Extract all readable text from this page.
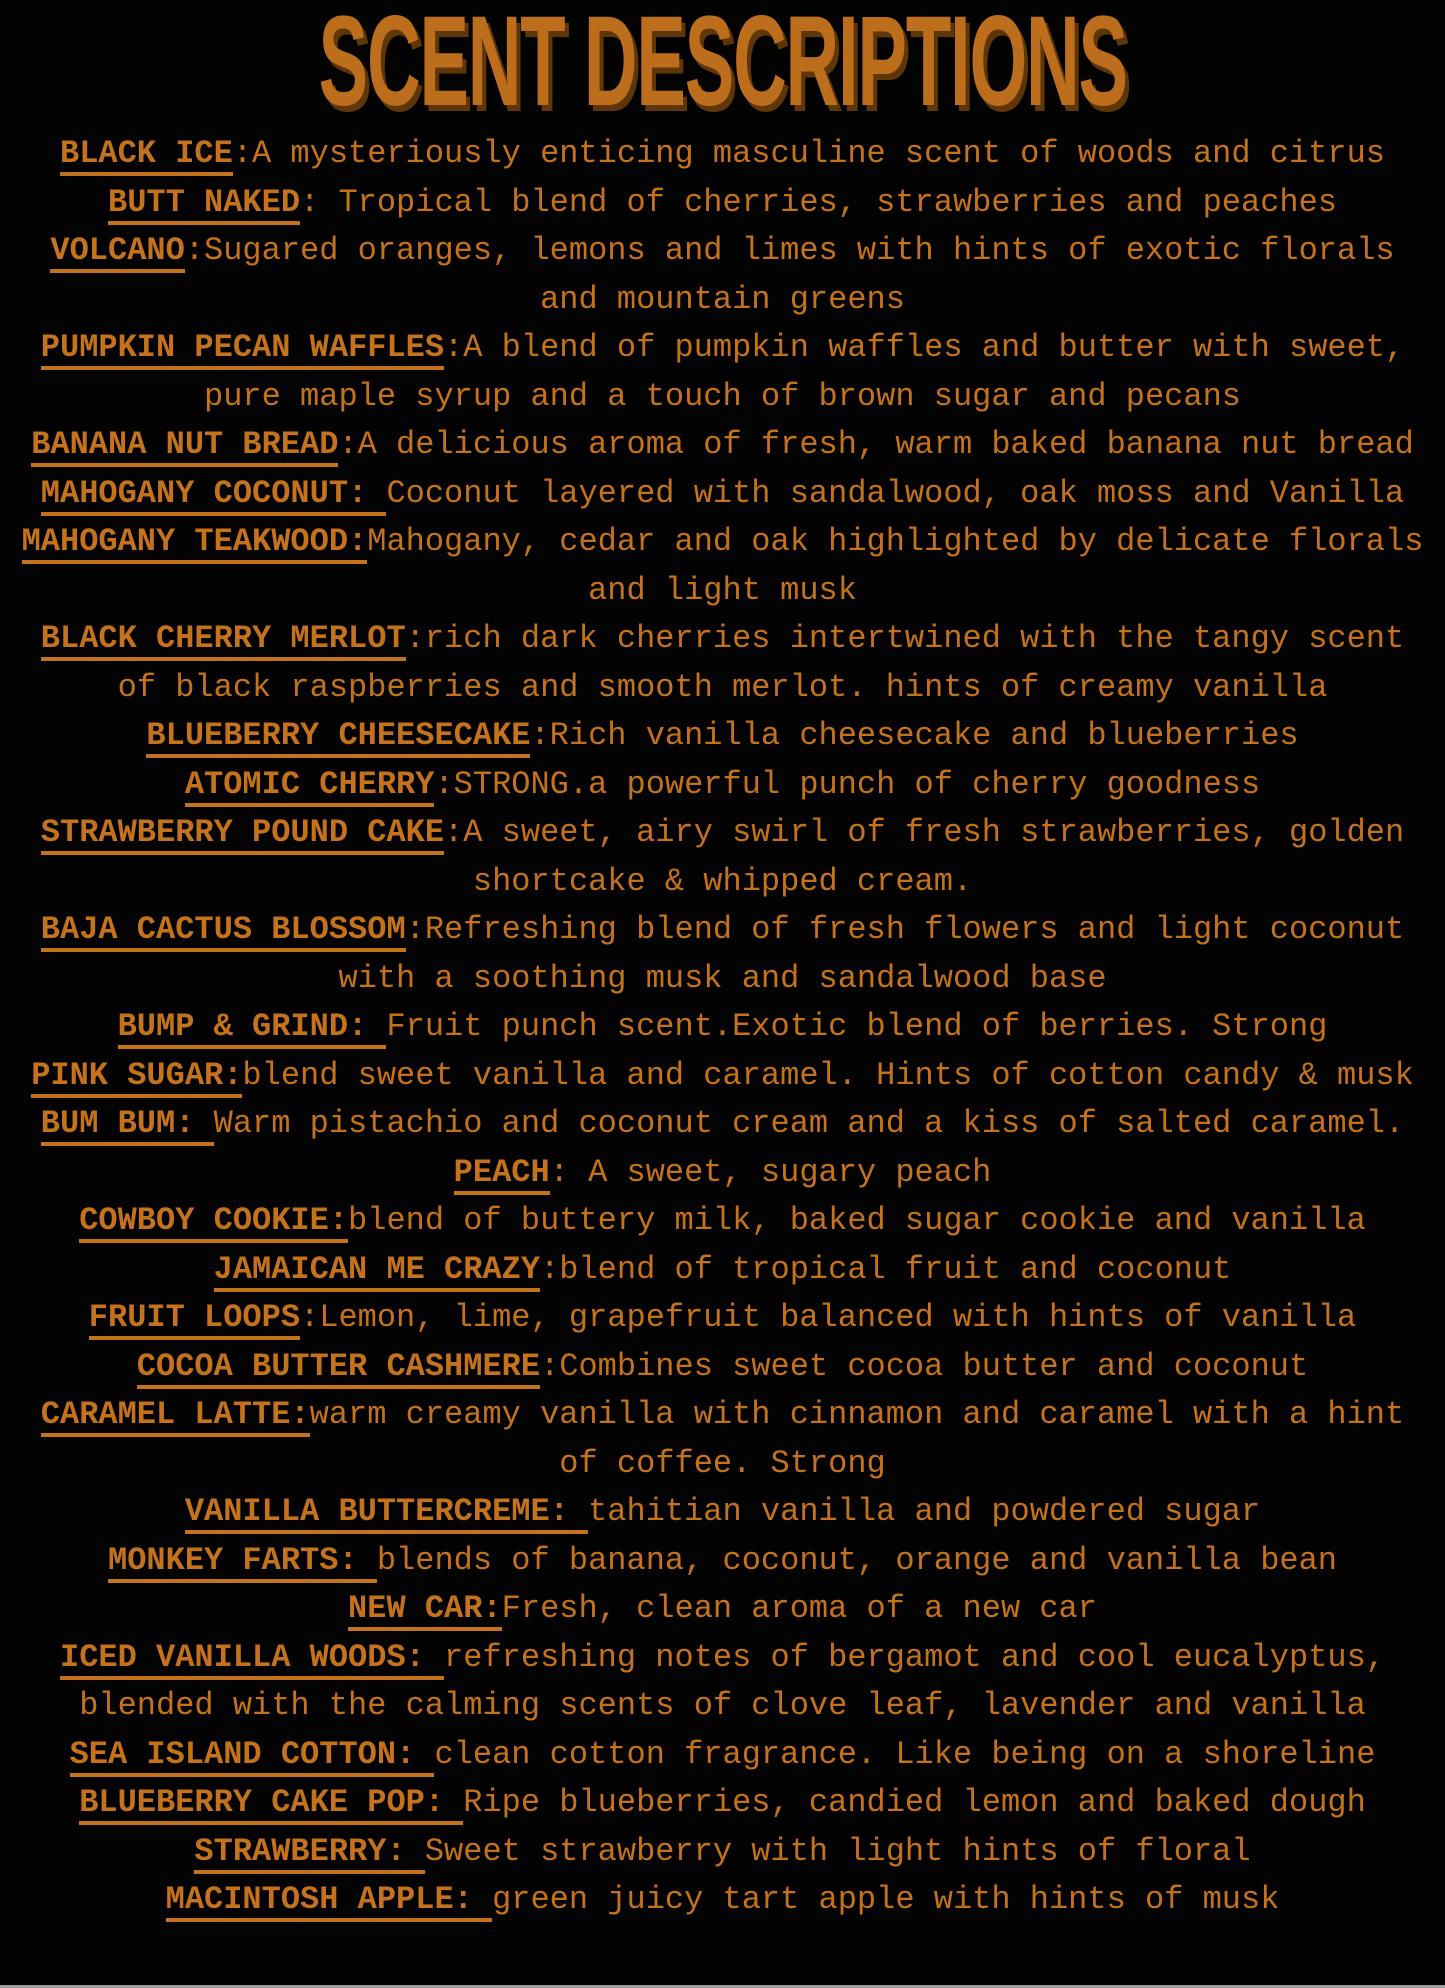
SCENT DESCRIPTIONS

BLACK ICE:A mysteriously enticing masculine scent of woods and citrus

BUTT NAKED: Tropical blend of cherries, strawberries and peaches

VOLCANO:Sugared oranges, lemons and limes with hints of exotic florals and mountain greens

PUMPKIN PECAN WAFFLES:A blend of pumpkin waffles and butter with sweet, pure maple syrup and a touch of brown sugar and pecans

BANANA NUT BREAD:A delicious aroma of fresh, warm baked banana nut bread

MAHOGANY COCONUT: Coconut layered with sandalwood, oak moss and Vanilla

MAHOGANY TEAKWOOD:Mahogany, cedar and oak highlighted by delicate florals and light musk

BLACK CHERRY MERLOT:rich dark cherries intertwined with the tangy scent of black raspberries and smooth merlot. hints of creamy vanilla

BLUEBERRY CHEESECAKE:Rich vanilla cheesecake and blueberries

ATOMIC CHERRY:STRONG.a powerful punch of cherry goodness

STRAWBERRY POUND CAKE:A sweet, airy swirl of fresh strawberries, golden shortcake & whipped cream.

BAJA CACTUS BLOSSOM:Refreshing blend of fresh flowers and light coconut with a soothing musk and sandalwood base

BUMP & GRIND: Fruit punch scent.Exotic blend of berries. Strong

PINK SUGAR:blend sweet vanilla and caramel. Hints of cotton candy & musk

BUM BUM: Warm pistachio and coconut cream and a kiss of salted caramel.

PEACH: A sweet, sugary peach

COWBOY COOKIE:blend of buttery milk, baked sugar cookie and vanilla

JAMAICAN ME CRAZY:blend of tropical fruit and coconut

FRUIT LOOPS:Lemon, lime, grapefruit balanced with hints of vanilla

COCOA BUTTER CASHMERE:Combines sweet cocoa butter and coconut

CARAMEL LATTE:warm creamy vanilla with cinnamon and caramel with a hint of coffee. Strong

VANILLA BUTTERCREME: tahitian vanilla and powdered sugar

MONKEY FARTS: blends of banana, coconut, orange and vanilla bean

NEW CAR:Fresh, clean aroma of a new car

ICED VANILLA WOODS: refreshing notes of bergamot and cool eucalyptus, blended with the calming scents of clove leaf, lavender and vanilla

SEA ISLAND COTTON: clean cotton fragrance. Like being on a shoreline

BLUEBERRY CAKE POP: Ripe blueberries, candied lemon and baked dough

STRAWBERRY: Sweet strawberry with light hints of floral

MACINTOSH APPLE: green juicy tart apple with hints of musk
